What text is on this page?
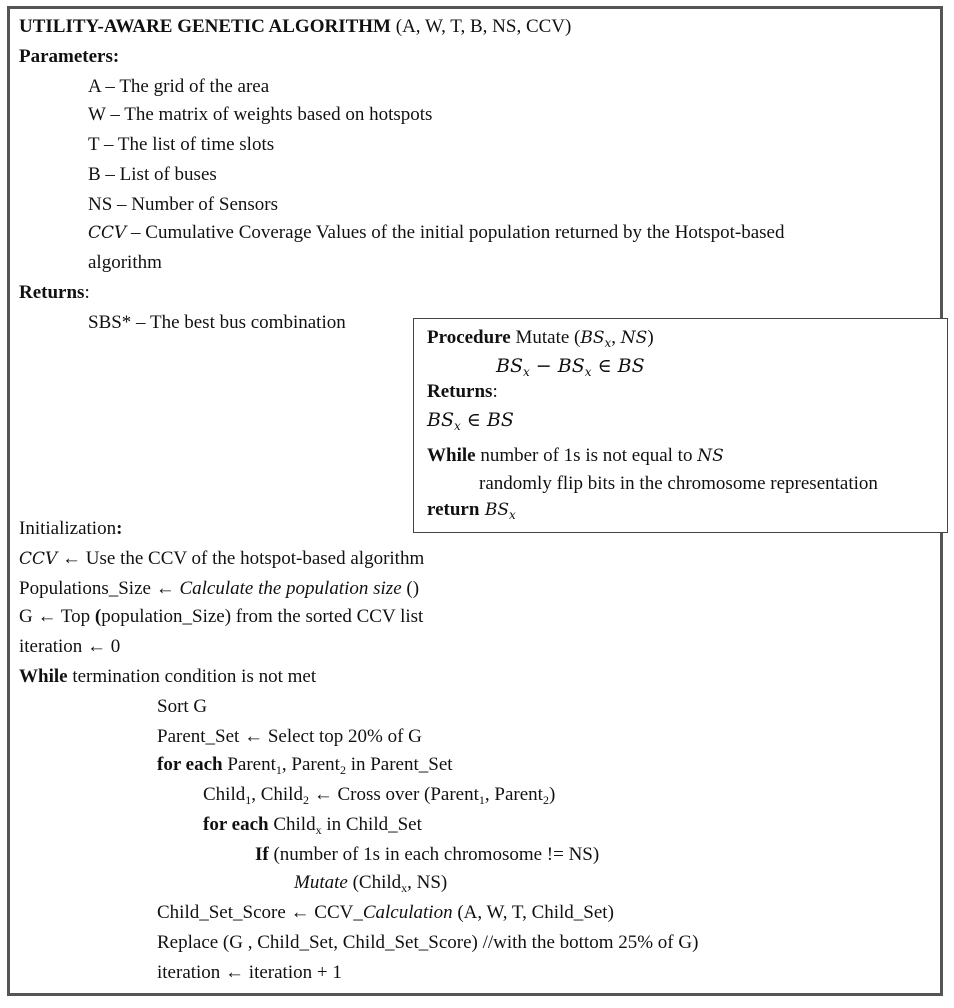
UTILITY-AWARE GENETIC ALGORITHM (A, W, T, B, NS, CCV)
Parameters:
A – The grid of the area
W – The matrix of weights based on hotspots
T – The list of time slots
B – List of buses
NS – Number of Sensors
CCV – Cumulative Coverage Values of the initial population returned by the Hotspot-based
algorithm
Returns:
SBS* – The best bus combination
Procedure Mutate ($BS_x$, NS)
$BS_x - BS_x$ ∈ BS
Returns:
$BS_x$ ∈ BS
While number of 1s is not equal to NS
randomly flip bits in the chromosome representation
return $BS_x$
Initialization:
CCV ← Use the CCV of the hotspot-based algorithm
Populations_Size ← Calculate the population size ()
G ← Top (population_Size) from the sorted CCV list
iteration ← 0
While termination condition is not met
Sort G
Parent_Set ← Select top 20% of G
for each Parent$_1$, Parent$_2$ in Parent_Set
Child$_1$, Child$_2$ ← Cross over (Parent$_1$, Parent$_2$)
for each Child$_x$ in Child_Set
If (number of 1s in each chromosome != NS)
Mutate (Child$_x$, NS)
Child_Set_Score ← CCV_Calculation (A, W, T, Child_Set)
Replace (G , Child_Set, Child_Set_Score) //with the bottom 25% of G)
iteration ← iteration + 1
